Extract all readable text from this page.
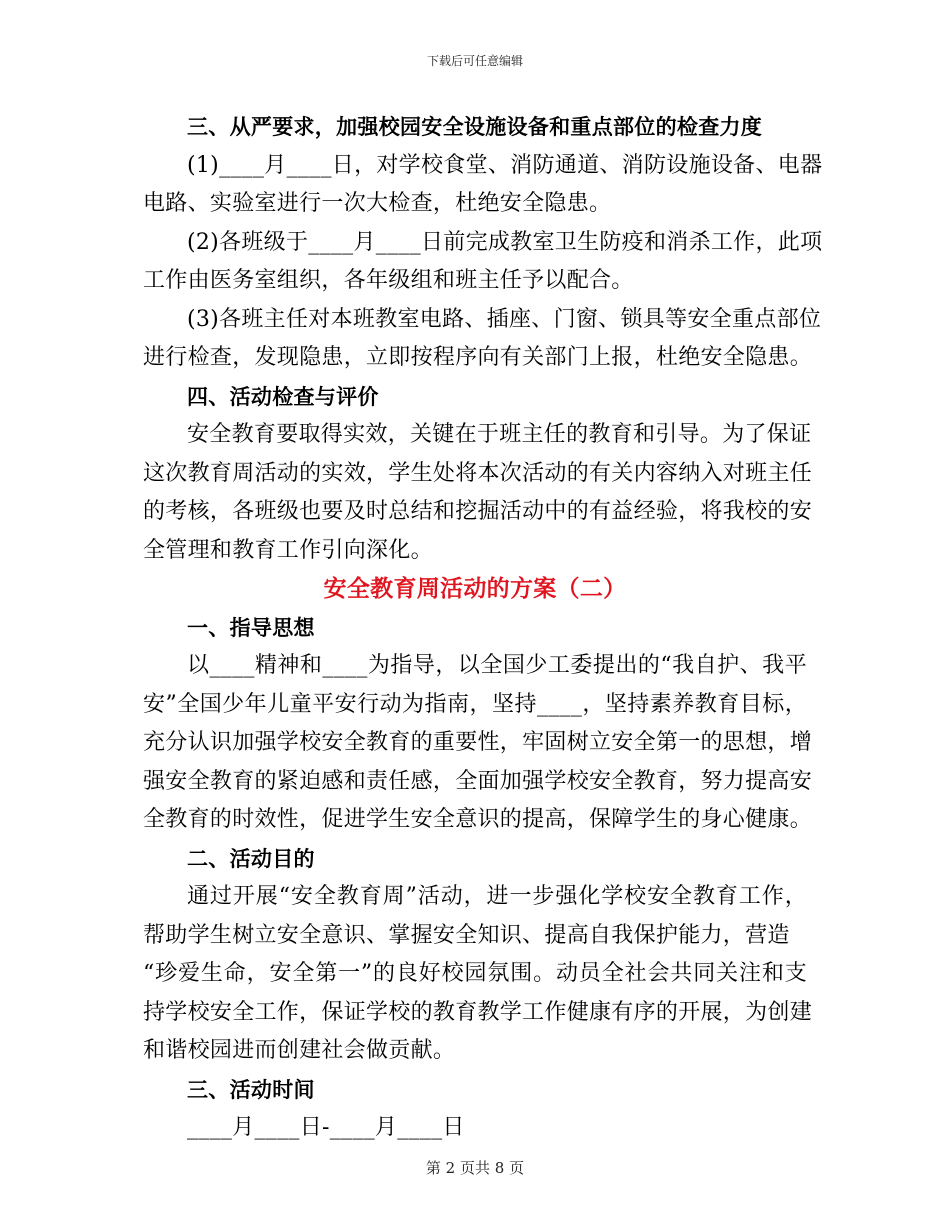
下载后可任意编辑
三、从严要求，加强校园安全设施设备和重点部位的检查力度
(1)____月____日，对学校食堂、消防通道、消防设施设备、电器
电路、实验室进行一次大检查，杜绝安全隐患。
(2)各班级于____月____日前完成教室卫生防疫和消杀工作，此项
工作由医务室组织，各年级组和班主任予以配合。
(3)各班主任对本班教室电路、插座、门窗、锁具等安全重点部位
进行检查，发现隐患，立即按程序向有关部门上报，杜绝安全隐患。
四、活动检查与评价
安全教育要取得实效，关键在于班主任的教育和引导。为了保证
这次教育周活动的实效，学生处将本次活动的有关内容纳入对班主任
的考核，各班级也要及时总结和挖掘活动中的有益经验，将我校的安
全管理和教育工作引向深化。
安全教育周活动的方案（二）
一、指导思想
以____精神和____为指导，以全国少工委提出的“我自护、我平
安”全国少年儿童平安行动为指南，坚持____，坚持素养教育目标，
充分认识加强学校安全教育的重要性，牢固树立安全第一的思想，增
强安全教育的紧迫感和责任感，全面加强学校安全教育，努力提高安
全教育的时效性，促进学生安全意识的提高，保障学生的身心健康。
二、活动目的
通过开展“安全教育周”活动，进一步强化学校安全教育工作，
帮助学生树立安全意识、掌握安全知识、提高自我保护能力，营造
“珍爱生命，安全第一”的良好校园氛围。动员全社会共同关注和支
持学校安全工作，保证学校的教育教学工作健康有序的开展，为创建
和谐校园进而创建社会做贡献。
三、活动时间
____月____日-____月____日
第 2 页共 8 页
